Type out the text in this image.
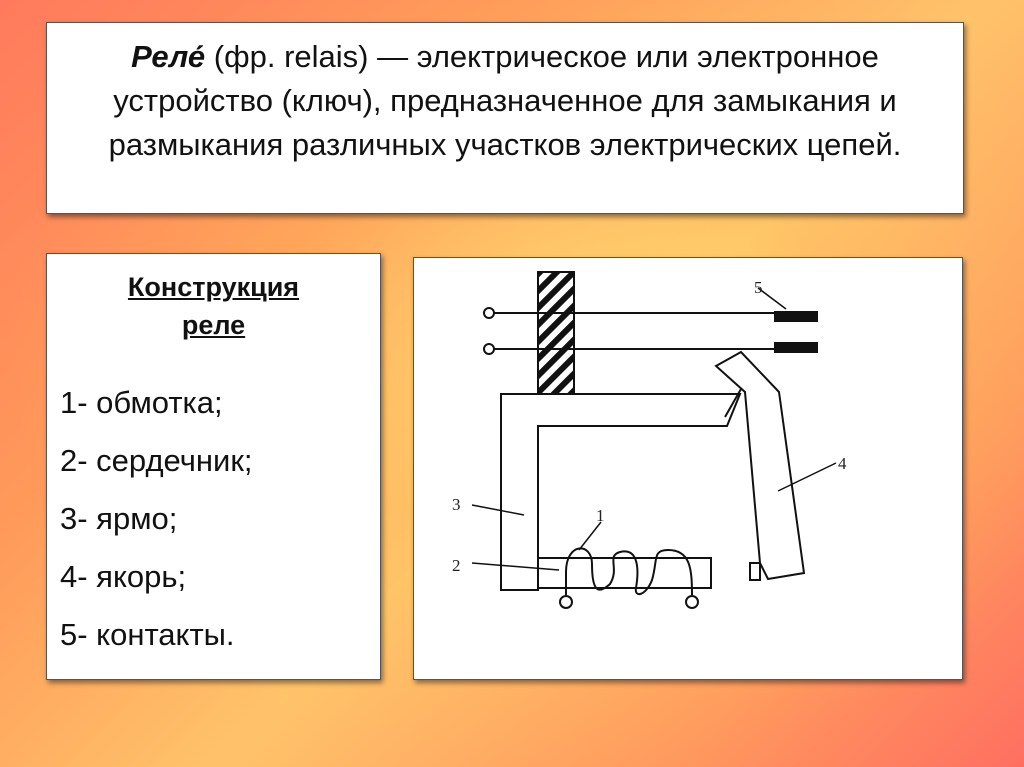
Реле́ (фр. relais) — электрическое или электронное устройство (ключ), предназначенное для замыкания и размыкания различных участков электрических цепей.
Конструкция
реле
1- обмотка;
2- сердечник;
3- ярмо;
4- якорь;
5- контакты.
1
2
3
4
5
